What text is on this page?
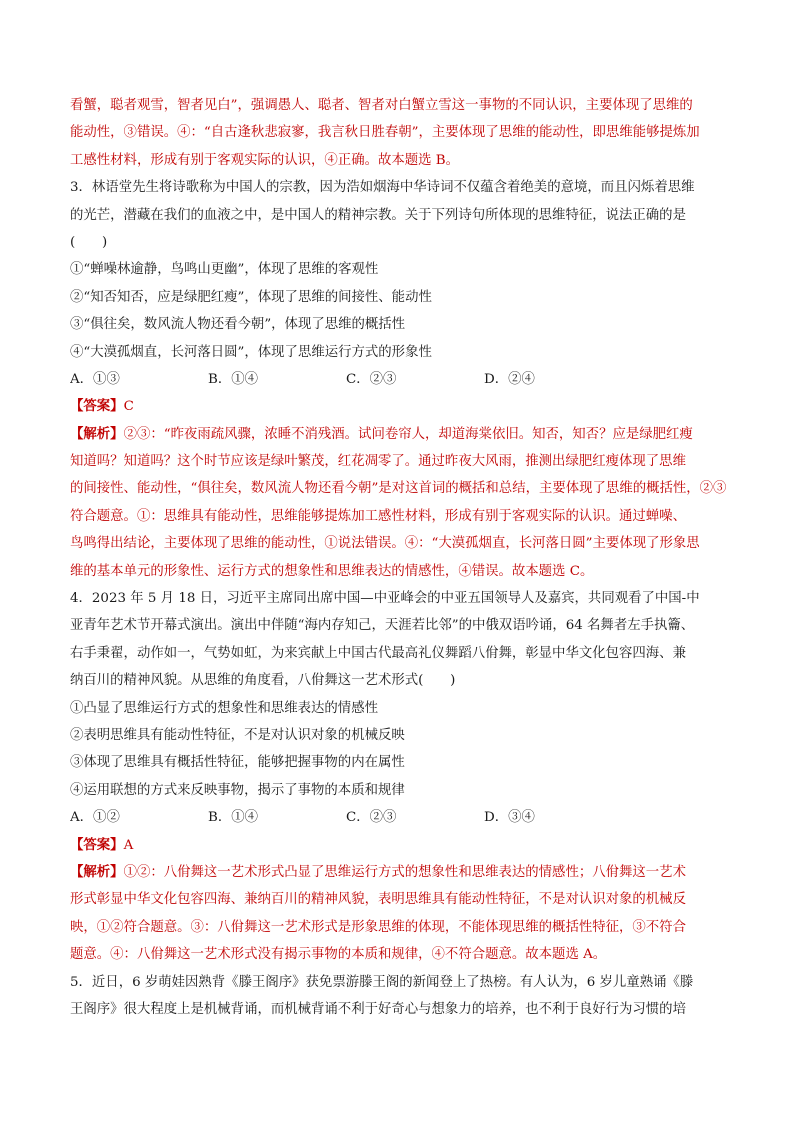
看蟹，聪者观雪，智者见白”，强调愚人、聪者、智者对白蟹立雪这一事物的不同认识，主要体现了思维的
能动性，③错误。④：“自古逢秋悲寂寥，我言秋日胜春朝”，主要体现了思维的能动性，即思维能够提炼加
工感性材料，形成有别于客观实际的认识，④正确。故本题选 B。
3．林语堂先生将诗歌称为中国人的宗教，因为浩如烟海中华诗词不仅蕴含着绝美的意境，而且闪烁着思维
的光芒，潜藏在我们的血液之中，是中国人的精神宗教。关于下列诗句所体现的思维特征，说法正确的是
(　　)
①“蝉噪林逾静，鸟鸣山更幽”，体现了思维的客观性
②“知否知否，应是绿肥红瘦”，体现了思维的间接性、能动性
③“俱往矣，数风流人物还看今朝”，体现了思维的概括性
④“大漠孤烟直，长河落日圆”，体现了思维运行方式的形象性
A．①③	B．①④	C．②③	D．②④
【答案】C
【解析】②③：“昨夜雨疏风骤，浓睡不消残酒。试问卷帘人，却道海棠依旧。知否，知否？应是绿肥红瘦
知道吗？知道吗？这个时节应该是绿叶繁茂，红花凋零了。通过昨夜大风雨，推测出绿肥红瘦体现了思维
的间接性、能动性，“俱往矣，数风流人物还看今朝”是对这首词的概括和总结，主要体现了思维的概括性，②③
符合题意。①：思维具有能动性，思维能够提炼加工感性材料，形成有别于客观实际的认识。通过蝉噪、
鸟鸣得出结论，主要体现了思维的能动性，①说法错误。④：“大漠孤烟直，长河落日圆”主要体现了形象思
维的基本单元的形象性、运行方式的想象性和思维表达的情感性，④错误。故本题选 C。
4．2023 年 5 月 18 日，习近平主席同出席中国—中亚峰会的中亚五国领导人及嘉宾，共同观看了中国-中
亚青年艺术节开幕式演出。演出中伴随“海内存知己，天涯若比邻”的中俄双语吟诵，64 名舞者左手执籥、
右手秉翟，动作如一，气势如虹，为来宾献上中国古代最高礼仪舞蹈八佾舞，彰显中华文化包容四海、兼
纳百川的精神风貌。从思维的角度看，八佾舞这一艺术形式(　　)
①凸显了思维运行方式的想象性和思维表达的情感性
②表明思维具有能动性特征，不是对认识对象的机械反映
③体现了思维具有概括性特征，能够把握事物的内在属性
④运用联想的方式来反映事物，揭示了事物的本质和规律
A．①②	B．①④	C．②③	D．③④
【答案】A
【解析】①②：八佾舞这一艺术形式凸显了思维运行方式的想象性和思维表达的情感性；八佾舞这一艺术
形式彰显中华文化包容四海、兼纳百川的精神风貌，表明思维具有能动性特征，不是对认识对象的机械反
映，①②符合题意。③：八佾舞这一艺术形式是形象思维的体现，不能体现思维的概括性特征，③不符合
题意。④：八佾舞这一艺术形式没有揭示事物的本质和规律，④不符合题意。故本题选 A。
5．近日，6 岁萌娃因熟背《滕王阁序》获免票游滕王阁的新闻登上了热榜。有人认为，6 岁儿童熟诵《滕
王阁序》很大程度上是机械背诵，而机械背诵不利于好奇心与想象力的培养，也不利于良好行为习惯的培
